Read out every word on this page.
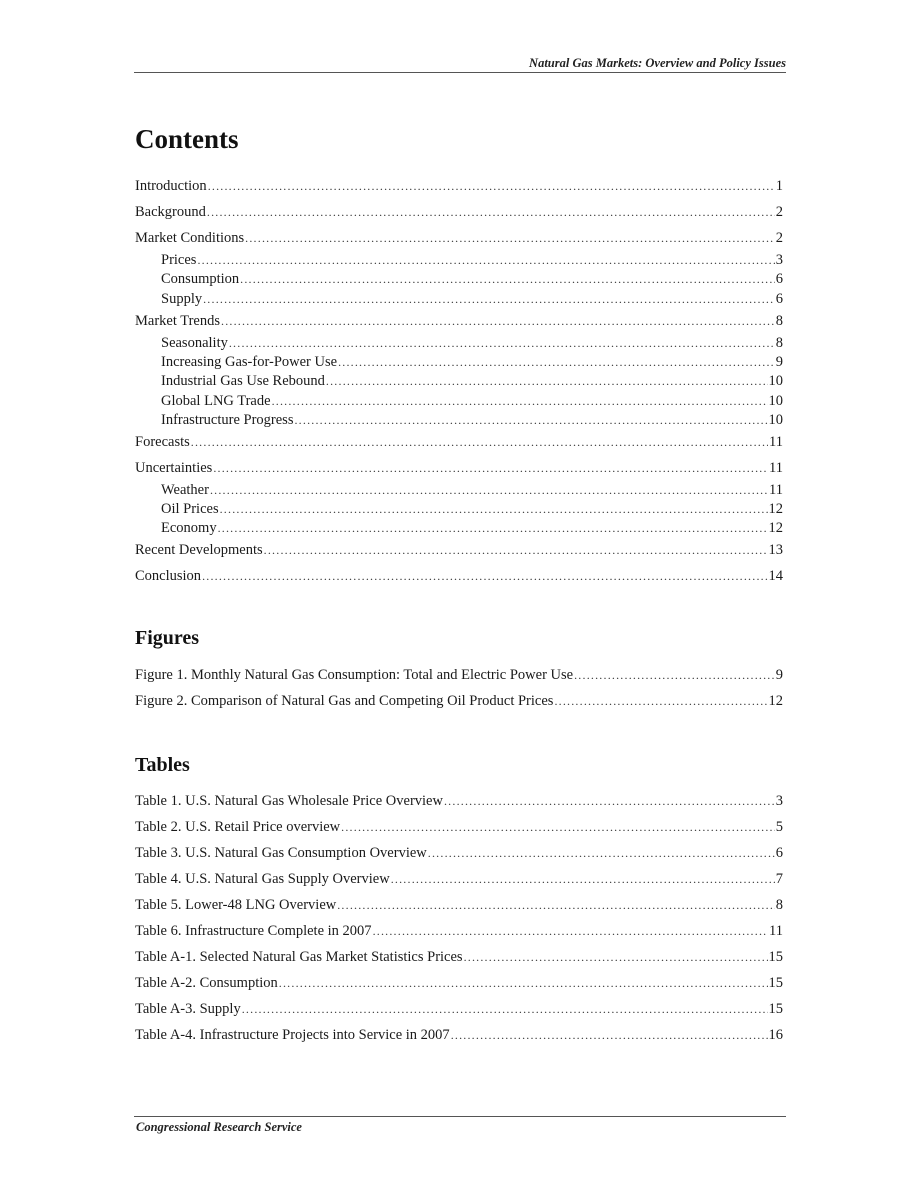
Natural Gas Markets: Overview and Policy Issues
Contents
Introduction .....	1
Background .....	2
Market Conditions .....	2
Prices .....	3
Consumption .....	6
Supply .....	6
Market Trends .....	8
Seasonality .....	8
Increasing Gas-for-Power Use .....	9
Industrial Gas Use Rebound .....	10
Global LNG Trade .....	10
Infrastructure Progress .....	10
Forecasts .....	11
Uncertainties .....	11
Weather .....	11
Oil Prices .....	12
Economy .....	12
Recent Developments .....	13
Conclusion .....	14
Figures
Figure 1. Monthly Natural Gas Consumption: Total and Electric Power Use .....	9
Figure 2. Comparison of Natural Gas and Competing Oil Product Prices .....	12
Tables
Table 1. U.S. Natural Gas Wholesale Price Overview .....	3
Table 2. U.S. Retail Price overview .....	5
Table 3. U.S. Natural Gas Consumption Overview .....	6
Table 4. U.S. Natural Gas Supply Overview .....	7
Table 5. Lower-48 LNG Overview .....	8
Table 6. Infrastructure Complete in 2007 .....	11
Table A-1. Selected Natural Gas Market Statistics Prices .....	15
Table A-2. Consumption .....	15
Table A-3. Supply .....	15
Table A-4. Infrastructure Projects into Service in 2007 .....	16
Congressional Research Service
